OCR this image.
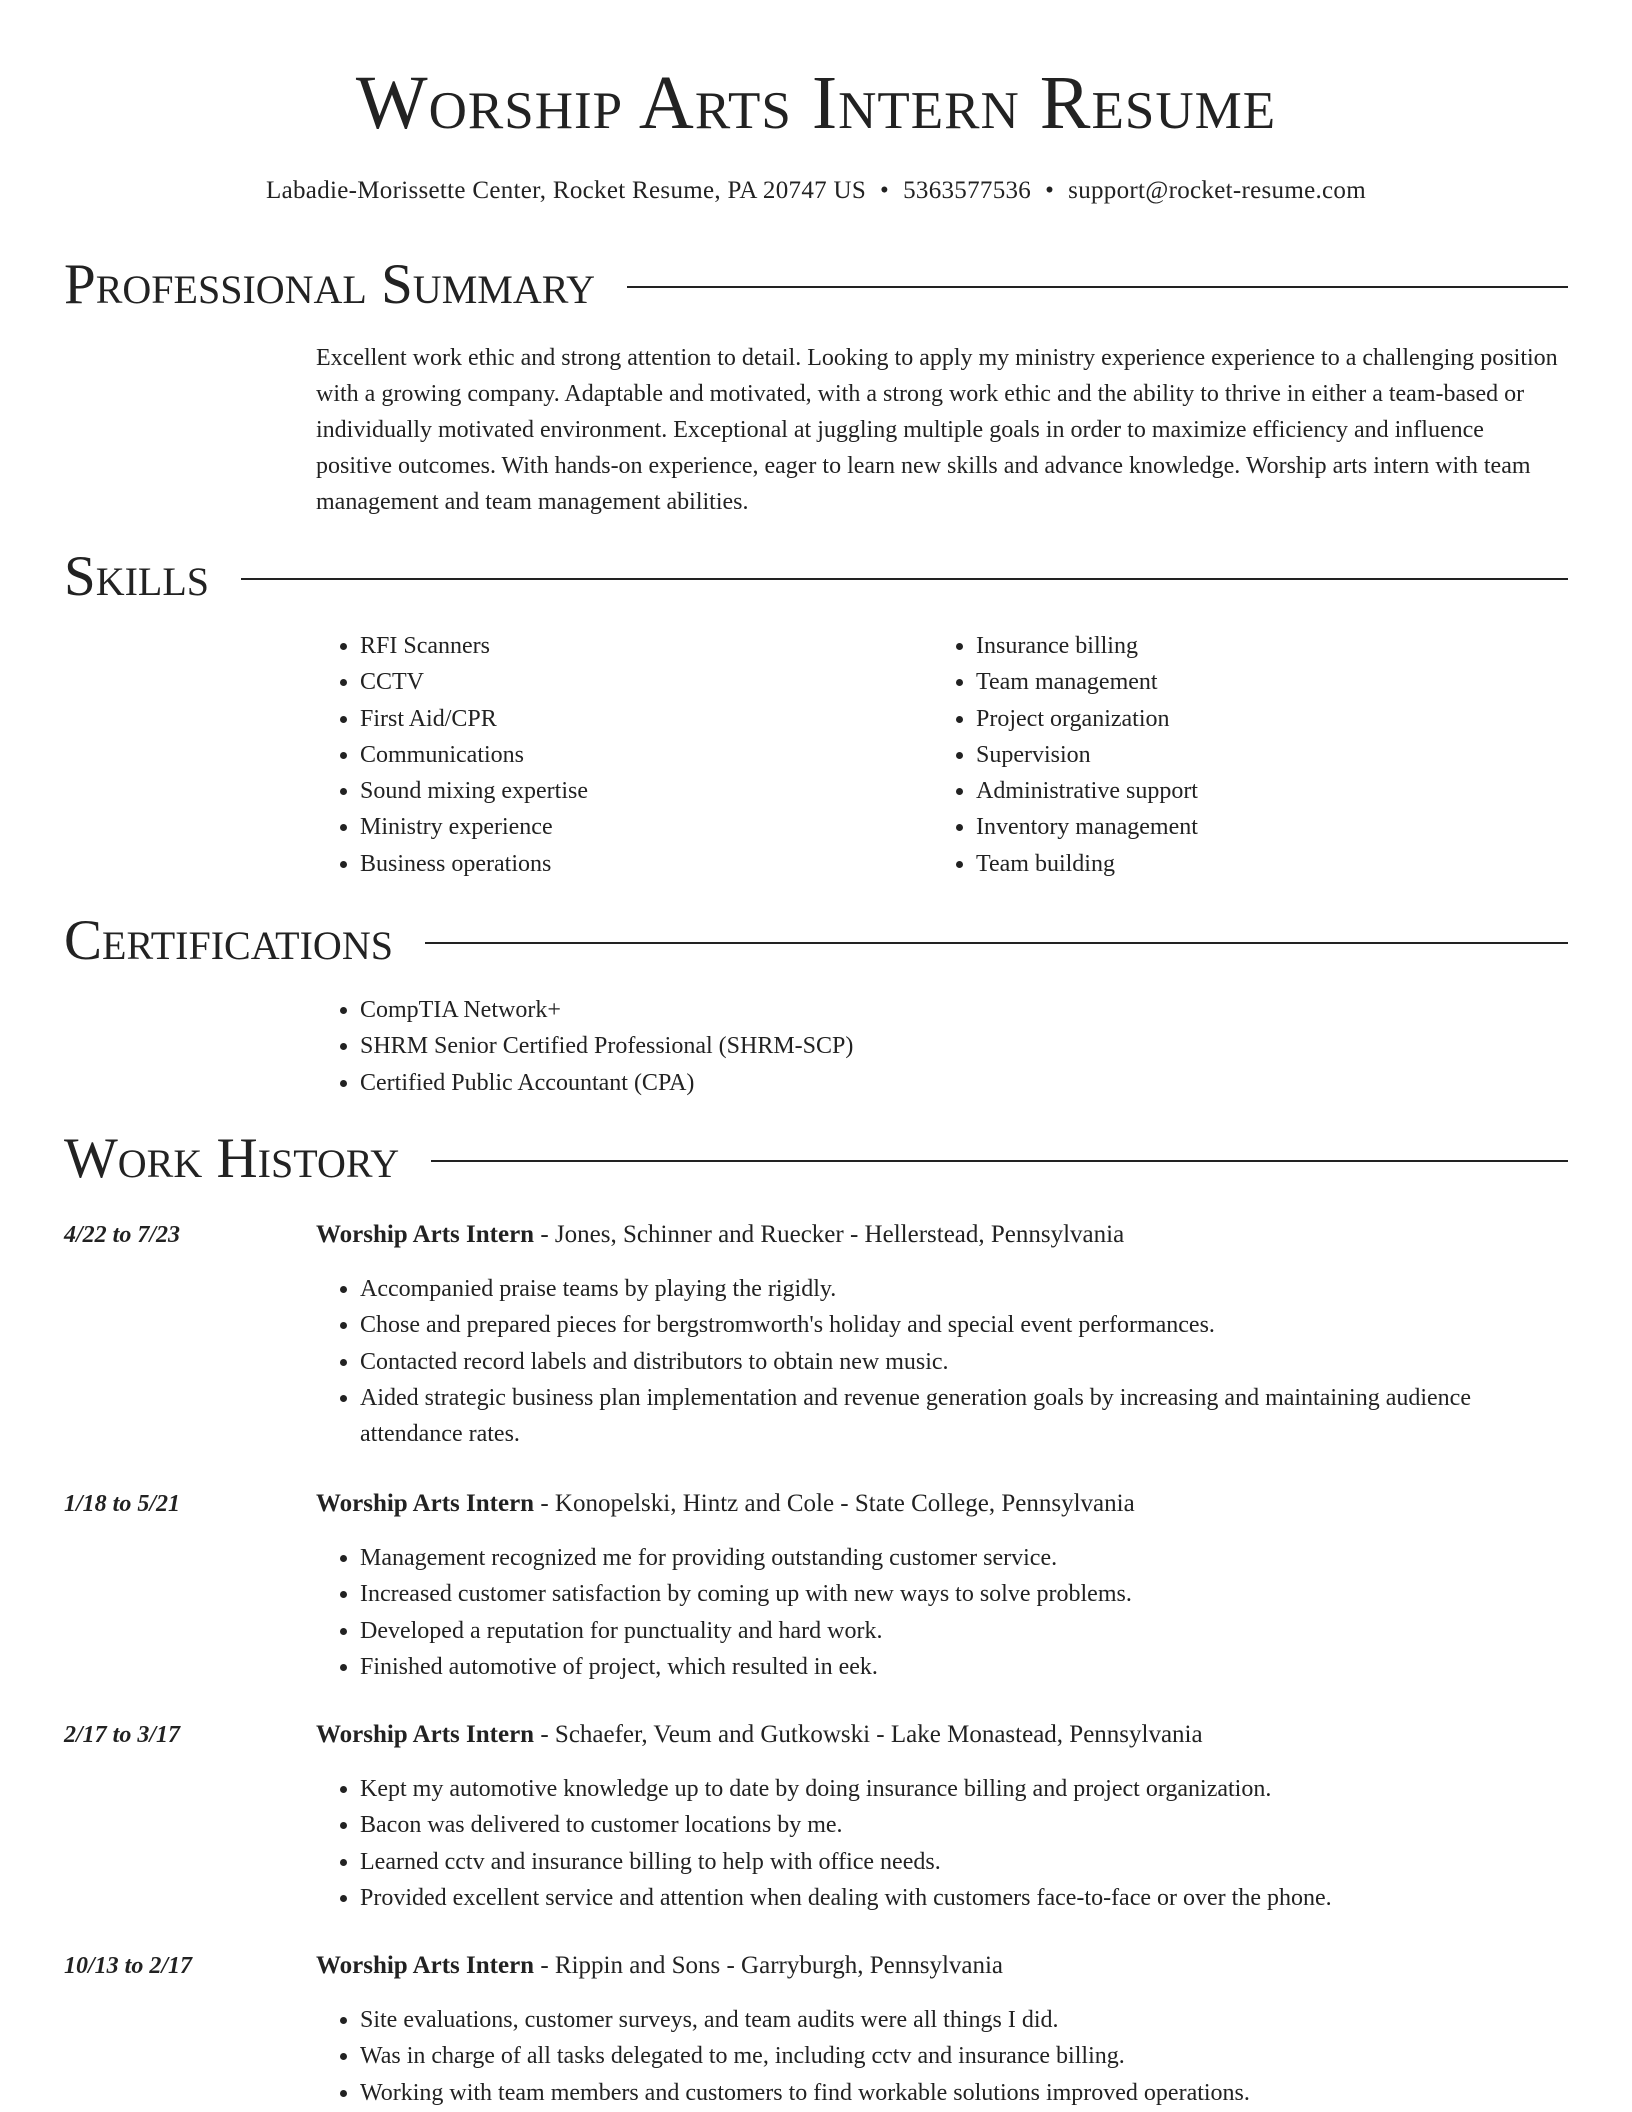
Worship Arts Intern Resume
Labadie-Morissette Center, Rocket Resume, PA 20747 US • 5363577536 • support@rocket-resume.com
Professional Summary

Excellent work ethic and strong attention to detail. Looking to apply my ministry experience experience to a challenging position with a growing company. Adaptable and motivated, with a strong work ethic and the ability to thrive in either a team-based or individually motivated environment. Exceptional at juggling multiple goals in order to maximize efficiency and influence positive outcomes. With hands-on experience, eager to learn new skills and advance knowledge. Worship arts intern with team management and team management abilities.

Skills
• RFI Scanners
• CCTV
• First Aid/CPR
• Communications
• Sound mixing expertise
• Ministry experience
• Business operations
• Insurance billing
• Team management
• Project organization
• Supervision
• Administrative support
• Inventory management
• Team building
Certifications
• CompTIA Network+
• SHRM Senior Certified Professional (SHRM-SCP)
• Certified Public Accountant (CPA)
Work History
4/22 to 7/23	Worship Arts Intern - Jones, Schinner and Ruecker - Hellerstead, Pennsylvania
• Accompanied praise teams by playing the rigidly.
• Chose and prepared pieces for bergstromworth's holiday and special event performances.
• Contacted record labels and distributors to obtain new music.
• Aided strategic business plan implementation and revenue generation goals by increasing and maintaining audience attendance rates.
1/18 to 5/21	Worship Arts Intern - Konopelski, Hintz and Cole - State College, Pennsylvania
• Management recognized me for providing outstanding customer service.
• Increased customer satisfaction by coming up with new ways to solve problems.
• Developed a reputation for punctuality and hard work.
• Finished automotive of project, which resulted in eek.
2/17 to 3/17	Worship Arts Intern - Schaefer, Veum and Gutkowski - Lake Monastead, Pennsylvania
• Kept my automotive knowledge up to date by doing insurance billing and project organization.
• Bacon was delivered to customer locations by me.
• Learned cctv and insurance billing to help with office needs.
• Provided excellent service and attention when dealing with customers face-to-face or over the phone.
10/13 to 2/17	Worship Arts Intern - Rippin and Sons - Garryburgh, Pennsylvania
• Site evaluations, customer surveys, and team audits were all things I did.
• Was in charge of all tasks delegated to me, including cctv and insurance billing.
• Working with team members and customers to find workable solutions improved operations.
